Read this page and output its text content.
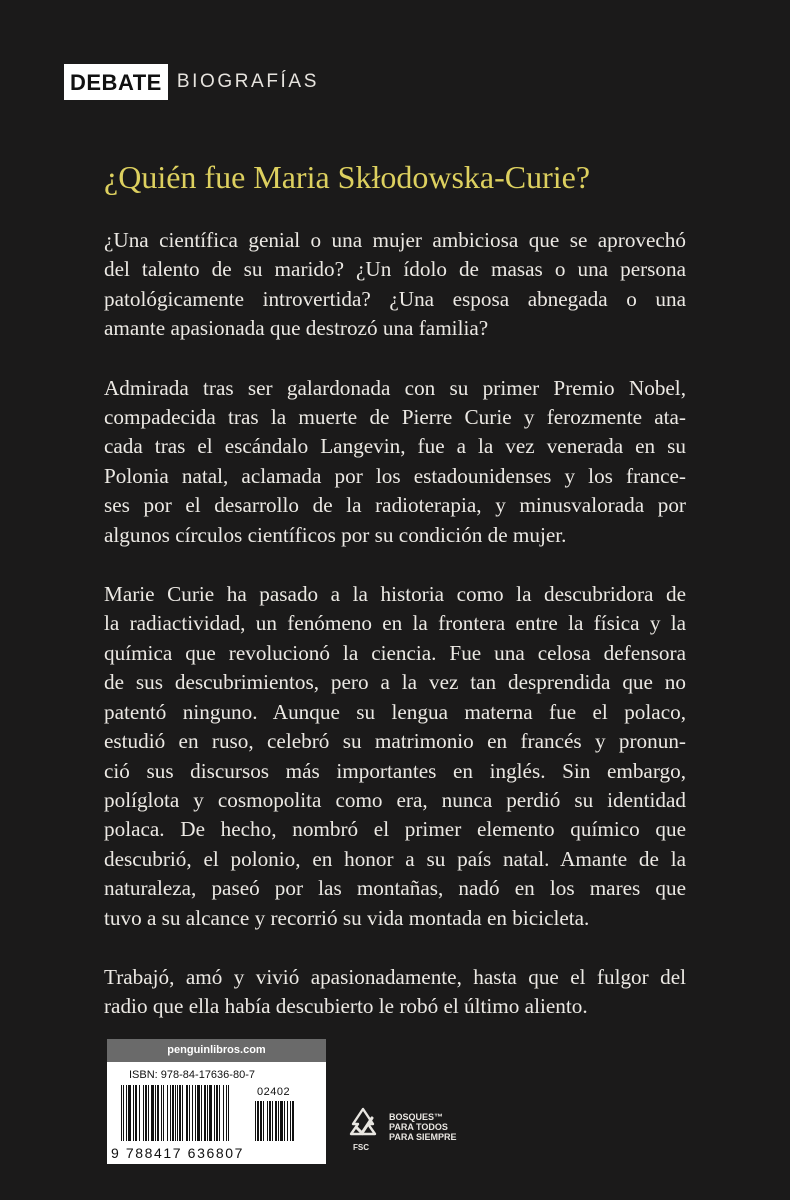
DEBATE BIOGRAFÍAS
¿Quién fue Maria Skłodowska-Curie?

¿Una científica genial o una mujer ambiciosa que se aprovechó
del talento de su marido? ¿Un ídolo de masas o una persona
patológicamente introvertida? ¿Una esposa abnegada o una
amante apasionada que destrozó una familia?

Admirada tras ser galardonada con su primer Premio Nobel,
compadecida tras la muerte de Pierre Curie y ferozmente ata-
cada tras el escándalo Langevin, fue a la vez venerada en su
Polonia natal, aclamada por los estadounidenses y los france-
ses por el desarrollo de la radioterapia, y minusvalorada por
algunos círculos científicos por su condición de mujer.

Marie Curie ha pasado a la historia como la descubridora de
la radiactividad, un fenómeno en la frontera entre la física y la
química que revolucionó la ciencia. Fue una celosa defensora
de sus descubrimientos, pero a la vez tan desprendida que no
patentó ninguno. Aunque su lengua materna fue el polaco,
estudió en ruso, celebró su matrimonio en francés y pronun-
ció sus discursos más importantes en inglés. Sin embargo,
políglota y cosmopolita como era, nunca perdió su identidad
polaca. De hecho, nombró el primer elemento químico que
descubrió, el polonio, en honor a su país natal. Amante de la
naturaleza, paseó por las montañas, nadó en los mares que
tuvo a su alcance y recorrió su vida montada en bicicleta.

Trabajó, amó y vivió apasionadamente, hasta que el fulgor del
radio que ella había descubierto le robó el último aliento.

penguinlibros.com
ISBN: 978-84-17636-80-7
02402
9 788417 636807	FSC
BOSQUES™
PARA TODOS
PARA SIEMPRE
